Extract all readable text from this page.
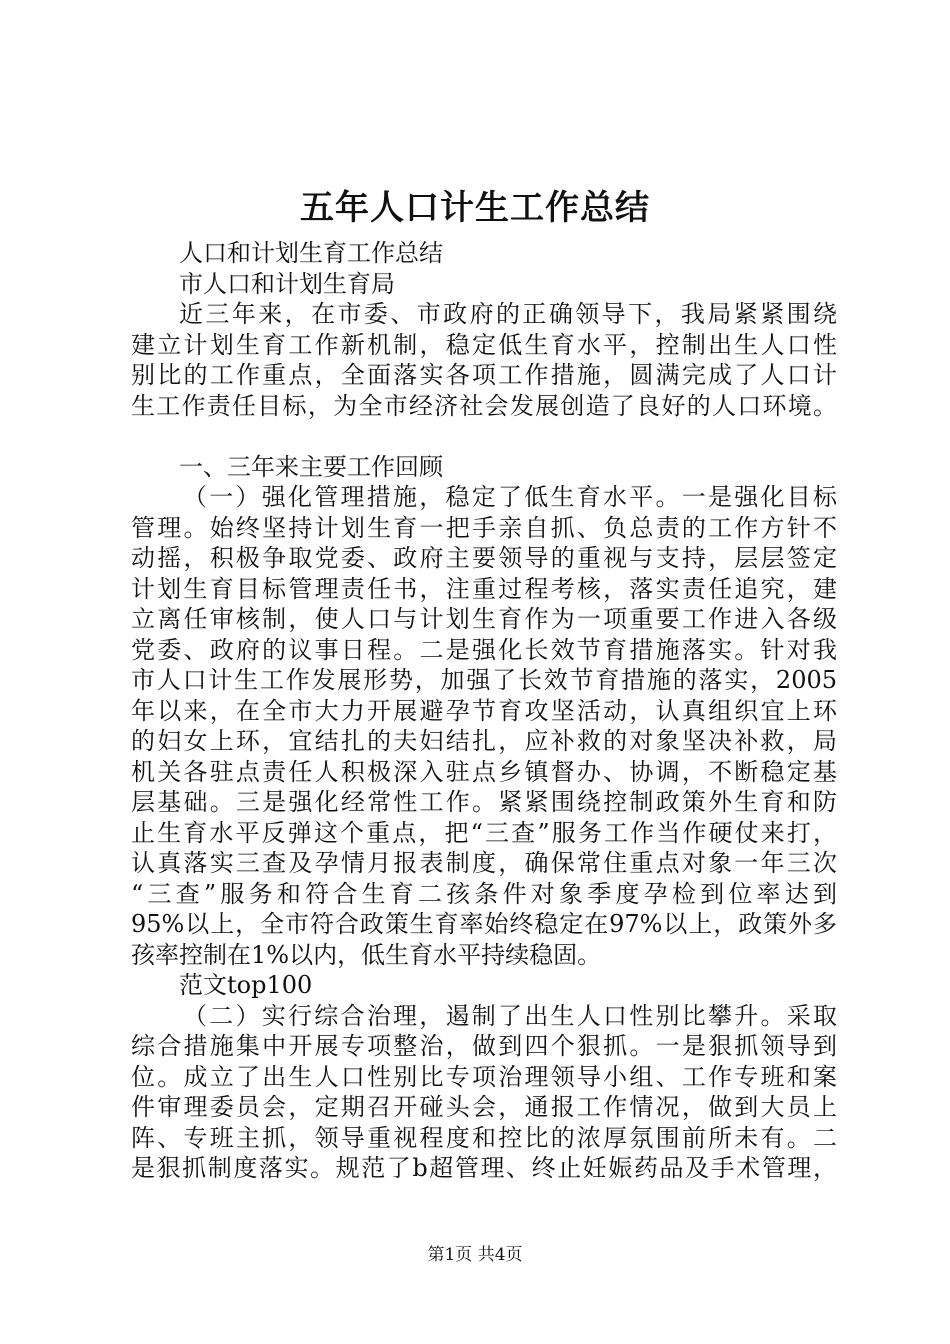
五年人口计生工作总结
人口和计划生育工作总结
市人口和计划生育局
近三年来，在市委、市政府的正确领导下，我局紧紧围绕
建立计划生育工作新机制，稳定低生育水平，控制出生人口性
别比的工作重点，全面落实各项工作措施，圆满完成了人口计
生工作责任目标，为全市经济社会发展创造了良好的人口环境。
一、三年来主要工作回顾
（一）强化管理措施，稳定了低生育水平。一是强化目标
管理。始终坚持计划生育一把手亲自抓、负总责的工作方针不
动摇，积极争取党委、政府主要领导的重视与支持，层层签定
计划生育目标管理责任书，注重过程考核，落实责任追究，建
立离任审核制，使人口与计划生育作为一项重要工作进入各级
党委、政府的议事日程。二是强化长效节育措施落实。针对我
市人口计生工作发展形势，加强了长效节育措施的落实，2005
年以来，在全市大力开展避孕节育攻坚活动，认真组织宜上环
的妇女上环，宜结扎的夫妇结扎，应补救的对象坚决补救，局
机关各驻点责任人积极深入驻点乡镇督办、协调，不断稳定基
层基础。三是强化经常性工作。紧紧围绕控制政策外生育和防
止生育水平反弹这个重点，把“三查”服务工作当作硬仗来打，
认真落实三查及孕情月报表制度，确保常住重点对象一年三次
“三查”服务和符合生育二孩条件对象季度孕检到位率达到
95%以上，全市符合政策生育率始终稳定在97%以上，政策外多
孩率控制在1%以内，低生育水平持续稳固。
范文top100
（二）实行综合治理，遏制了出生人口性别比攀升。采取
综合措施集中开展专项整治，做到四个狠抓。一是狠抓领导到
位。成立了出生人口性别比专项治理领导小组、工作专班和案
件审理委员会，定期召开碰头会，通报工作情况，做到大员上
阵、专班主抓，领导重视程度和控比的浓厚氛围前所未有。二
是狠抓制度落实。规范了b超管理、终止妊娠药品及手术管理，
第1页 共4页
